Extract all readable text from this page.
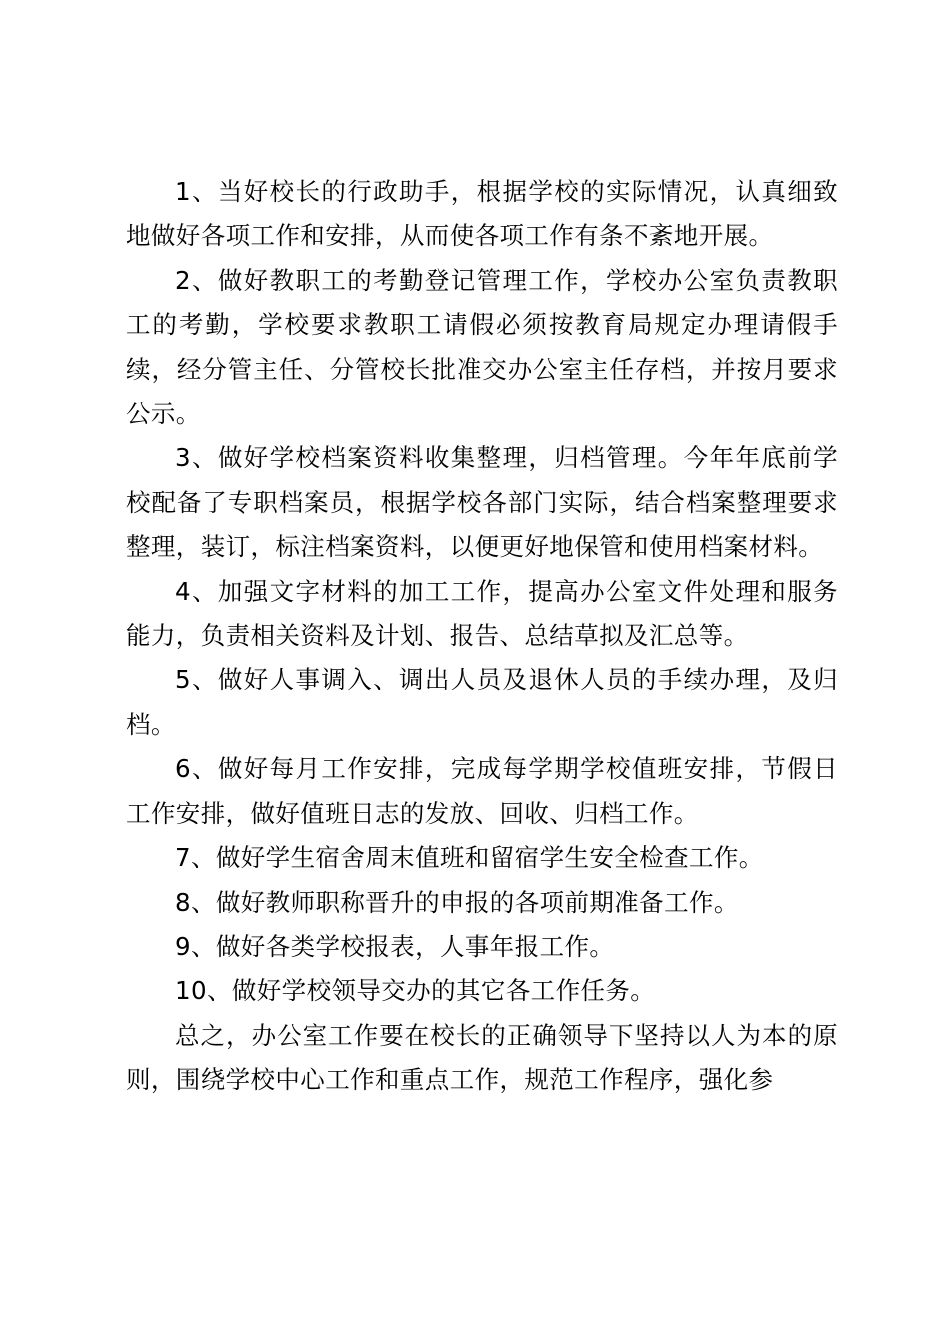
1、当好校长的行政助手，根据学校的实际情况，认真细致地做好各项工作和安排，从而使各项工作有条不紊地开展。

2、做好教职工的考勤登记管理工作，学校办公室负责教职工的考勤，学校要求教职工请假必须按教育局规定办理请假手续，经分管主任、分管校长批准交办公室主任存档，并按月要求公示。

3、做好学校档案资料收集整理，归档管理。今年年底前学校配备了专职档案员，根据学校各部门实际，结合档案整理要求整理，装订，标注档案资料，以便更好地保管和使用档案材料。

4、加强文字材料的加工工作，提高办公室文件处理和服务能力，负责相关资料及计划、报告、总结草拟及汇总等。

5、做好人事调入、调出人员及退休人员的手续办理，及归档。

6、做好每月工作安排，完成每学期学校值班安排，节假日工作安排，做好值班日志的发放、回收、归档工作。

7、做好学生宿舍周末值班和留宿学生安全检查工作。

8、做好教师职称晋升的申报的各项前期准备工作。

9、做好各类学校报表，人事年报工作。

10、做好学校领导交办的其它各工作任务。

总之，办公室工作要在校长的正确领导下坚持以人为本的原则，围绕学校中心工作和重点工作，规范工作程序，强化参
